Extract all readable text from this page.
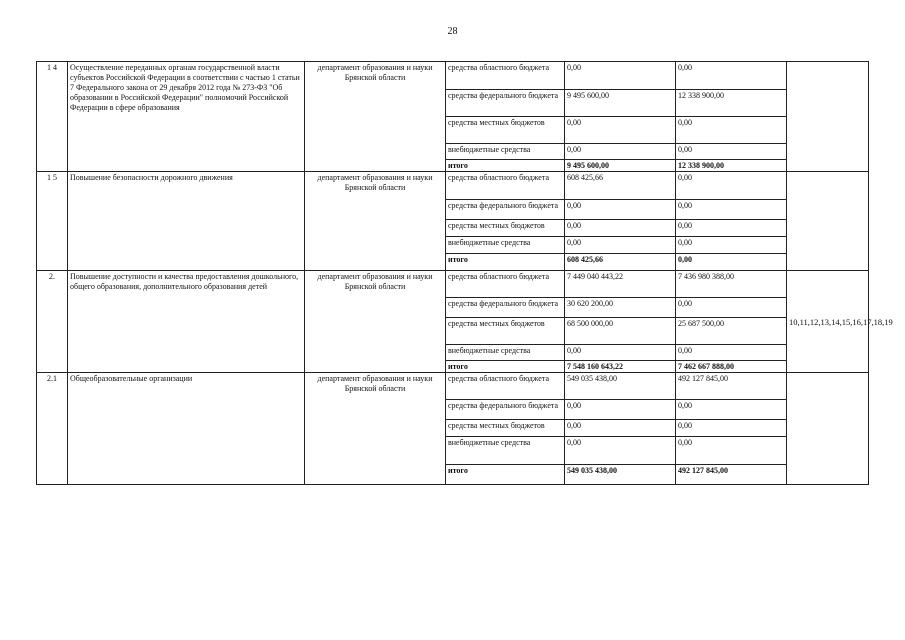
28
1 4	Осуществление переданных органам государственной власти субъектов Российской Федерации в соответствии с частью 1 статьи 7 Федерального закона от 29 декабря 2012 года № 273-ФЗ "Об образовании в Российской Федерации" полномочий Российской Федерации в сфере образования	департамент образования и науки Брянской области	средства областного бюджета	0,00	0,00	
			средства федерального бюджета	9 495 600,00	12 338 900,00	
			средства местных бюджетов	0,00	0,00	
			внебюджетные средства	0,00	0,00	
			итого	9 495 600,00	12 338 900,00	
1 5	Повышение безопасности дорожного движения	департамент образования и науки Брянской области	средства областного бюджета	608 425,66	0,00	
			средства федерального бюджета	0,00	0,00	
			средства местных бюджетов	0,00	0,00	
			внебюджетные средства	0,00	0,00	
			итого	608 425,66	0,00	
2.	Повышение доступности и качества предоставления дошкольного, общего образования, дополнительного образования детей	департамент образования и науки Брянской области	средства областного бюджета	7 449 040 443,22	7 436 980 388,00	10,11,12,13,14,15,16,17,18,19
			средства федерального бюджета	30 620 200,00	0,00	
			средства местных бюджетов	68 500 000,00	25 687 500,00	
			внебюджетные средства	0,00	0,00	
			итого	7 548 160 643,22	7 462 667 888,00	
2.1	Общеобразовательные организации	департамент образования и науки Брянской области	средства областного бюджета	549 035 438,00	492 127 845,00	
			средства федерального бюджета	0,00	0,00	
			средства местных бюджетов	0,00	0,00	
			внебюджетные средства	0,00	0,00	
			итого	549 035 438,00	492 127 845,00	
